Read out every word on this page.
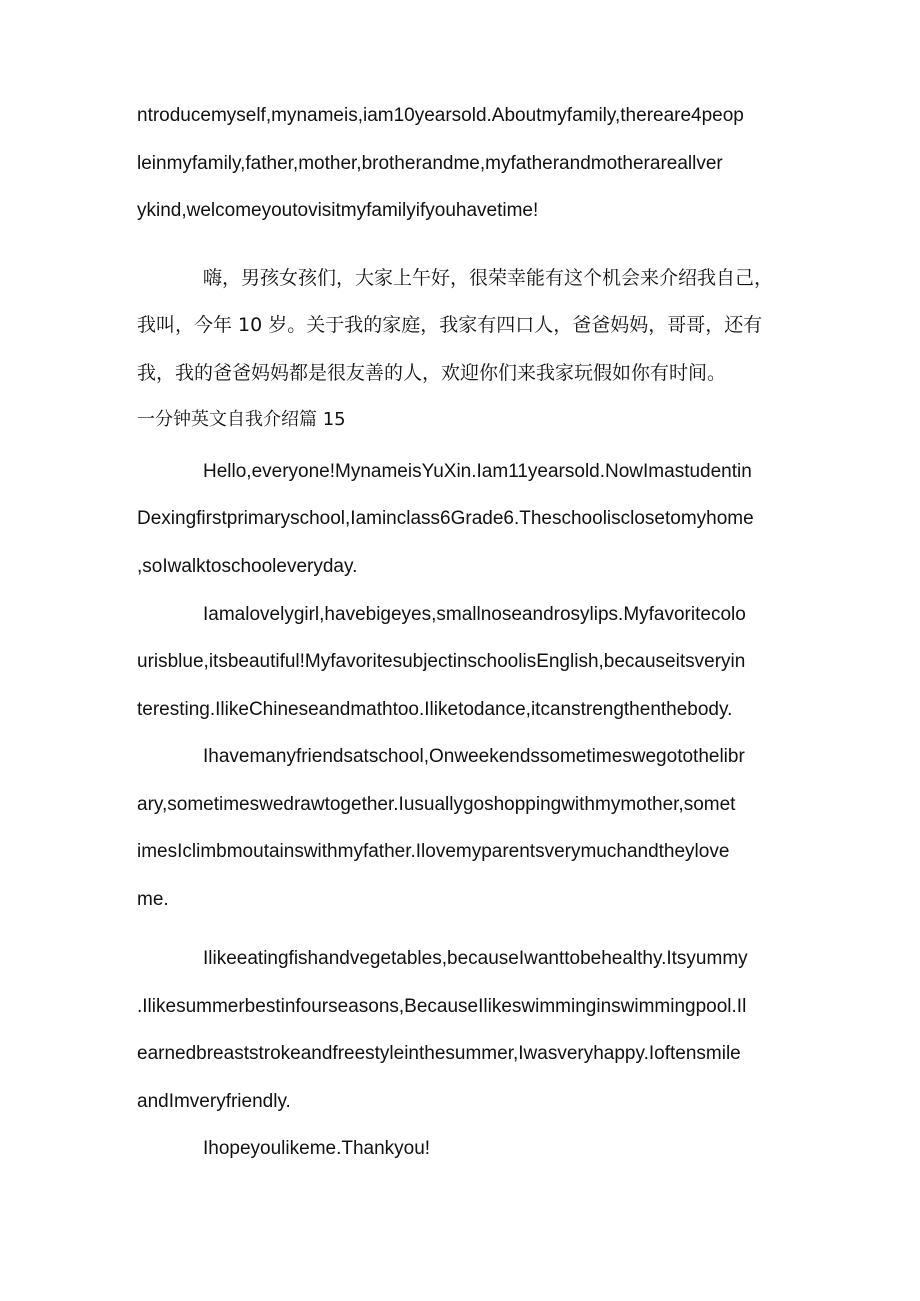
ntroducemyself,mynameis,iam10yearsold.Aboutmyfamily,thereare4peop
leinmyfamily,father,mother,brotherandme,myfatherandmotherareallver
ykind,welcomeyoutovisitmyfamilyifyouhavetime!
嗨，男孩女孩们，大家上午好，很荣幸能有这个机会来介绍我自己，
我叫，今年 10 岁。关于我的家庭，我家有四口人，爸爸妈妈，哥哥，还有
我，我的爸爸妈妈都是很友善的人，欢迎你们来我家玩假如你有时间。
一分钟英文自我介绍篇 15
Hello,everyone!MynameisYuXin.Iam11yearsold.NowImastudentin
Dexingfirstprimaryschool,Iaminclass6Grade6.Theschoolisclosetomyhome
,soIwalktoschooleveryday.
Iamalovelygirl,havebigeyes,smallnoseandrosylips.Myfavoritecolo
urisblue,itsbeautiful!MyfavoritesubjectinschoolisEnglish,becauseitsveryin
teresting.IlikeChineseandmathtoo.Iliketodance,itcanstrengthenthebody.
Ihavemanyfriendsatschool,Onweekendssometimeswegotothelibr
ary,sometimeswedrawtogether.Iusuallygoshoppingwithmymother,somet
imesIclimbmoutainswithmyfather.Ilovemyparentsverymuchandtheylove
me.
Ilikeeatingfishandvegetables,becauseIwanttobehealthy.Itsyummy
.Ilikesummerbestinfourseasons,BecauseIlikeswimminginswimmingpool.Il
earnedbreaststrokeandfreestyleinthesummer,Iwasveryhappy.Ioftensmile
andImveryfriendly.
Ihopeyoulikeme.Thankyou!
